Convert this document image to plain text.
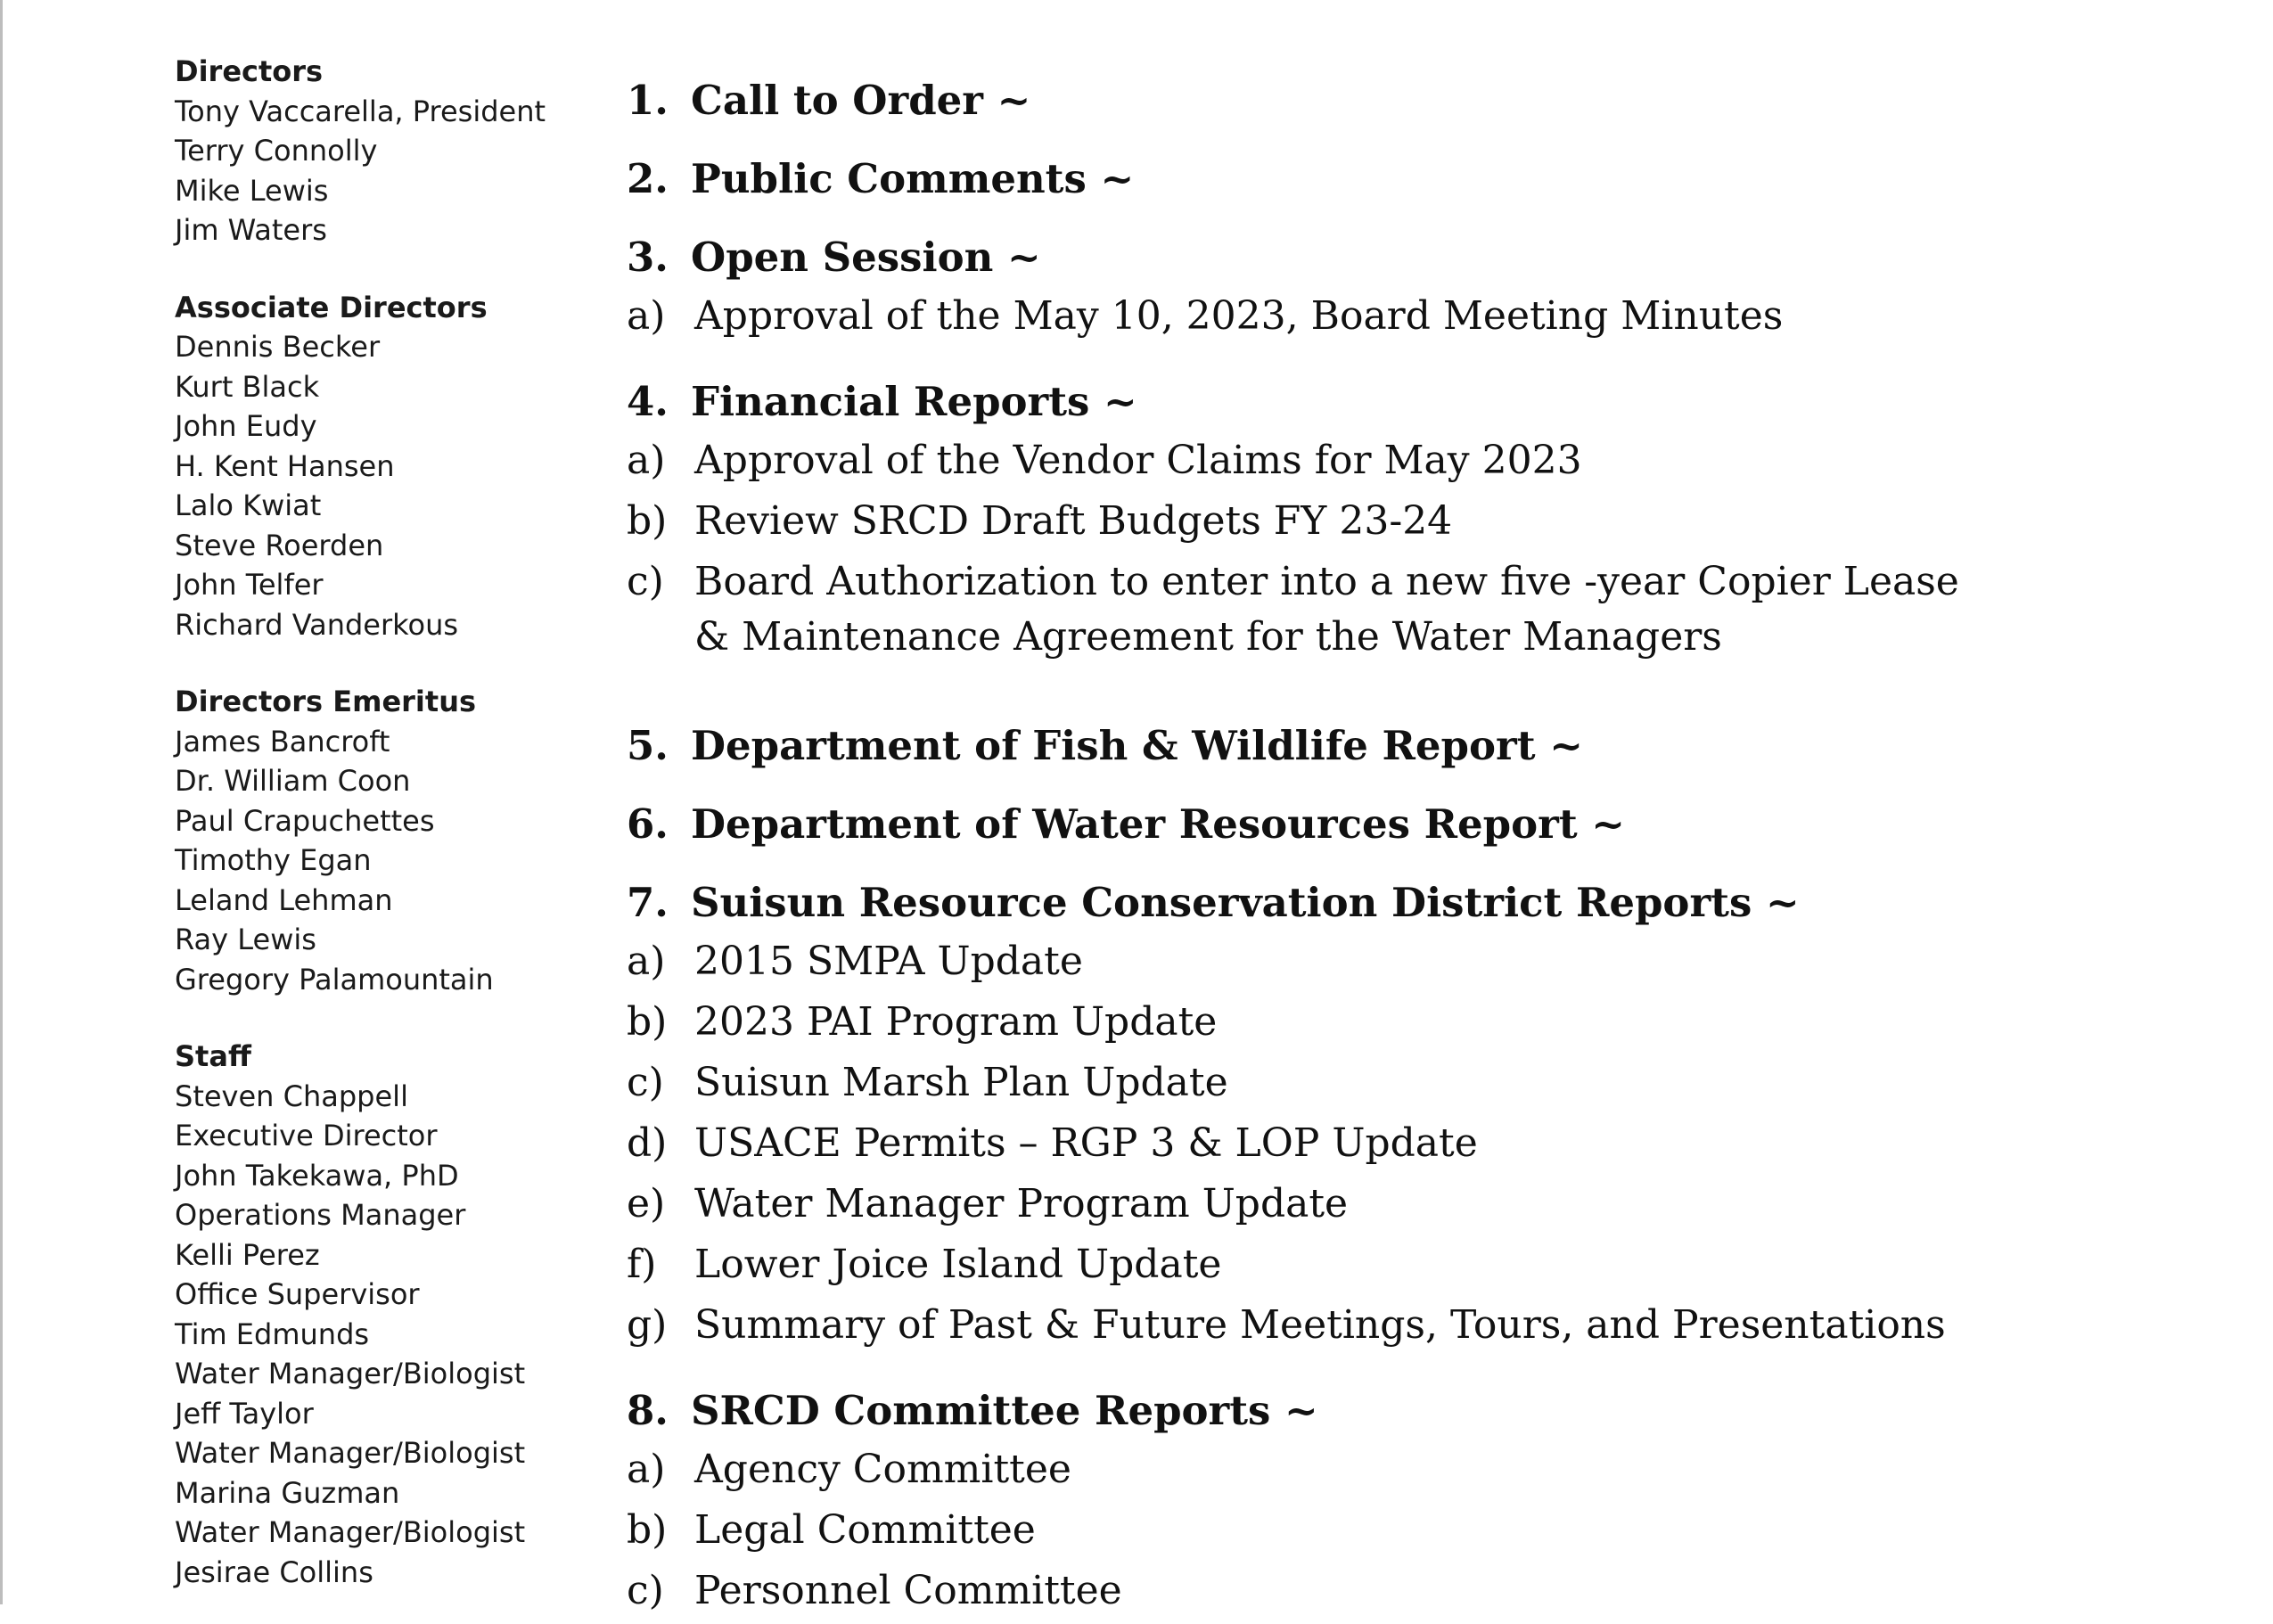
Directors
Tony Vaccarella, President
Terry Connolly
Mike Lewis
Jim Waters
Associate Directors
Dennis Becker
Kurt Black
John Eudy
H. Kent Hansen
Lalo Kwiat
Steve Roerden
John Telfer
Richard Vanderkous
Directors Emeritus
James Bancroft
Dr. William Coon
Paul Crapuchettes
Timothy Egan
Leland Lehman
Ray Lewis
Gregory Palamountain
Staff
Steven Chappell
Executive Director
John Takekawa, PhD
Operations Manager
Kelli Perez
Office Supervisor
Tim Edmunds
Water Manager/Biologist
Jeff Taylor
Water Manager/Biologist
Marina Guzman
Water Manager/Biologist
Jesirae Collins
1. Call to Order ~
2. Public Comments ~
3. Open Session ~
a) Approval of the May 10, 2023, Board Meeting Minutes
4. Financial Reports ~
a) Approval of the Vendor Claims for May 2023
b) Review SRCD Draft Budgets FY 23-24
c) Board Authorization to enter into a new five -year Copier Lease & Maintenance Agreement for the Water Managers
5. Department of Fish & Wildlife Report ~
6. Department of Water Resources Report ~
7. Suisun Resource Conservation District Reports ~
a) 2015 SMPA Update
b) 2023 PAI Program Update
c) Suisun Marsh Plan Update
d) USACE Permits – RGP 3 & LOP Update
e) Water Manager Program Update
f) Lower Joice Island Update
g) Summary of Past & Future Meetings, Tours, and Presentations
8. SRCD Committee Reports ~
a) Agency Committee
b) Legal Committee
c) Personnel Committee
